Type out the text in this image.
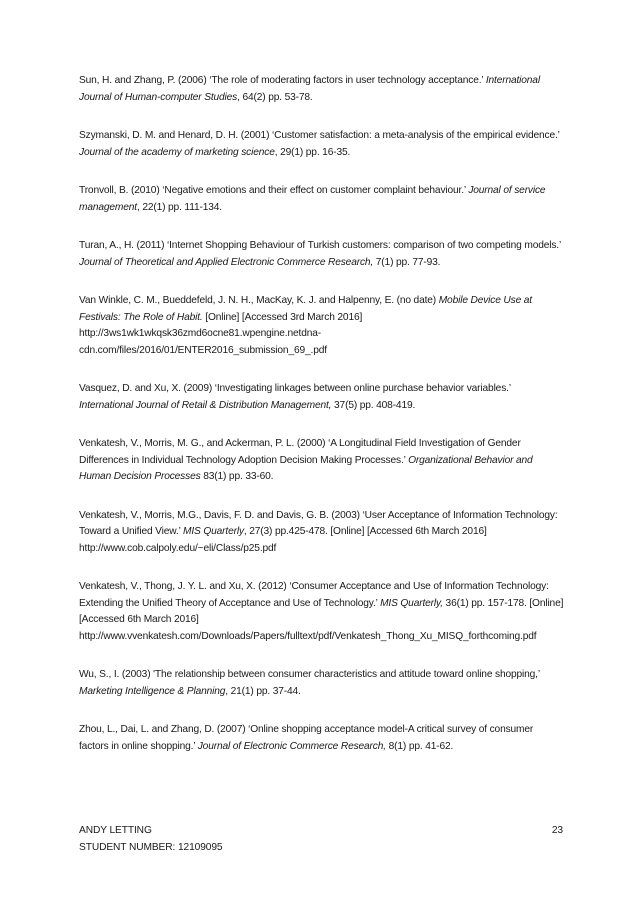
Sun, H. and Zhang, P. (2006) ‘The role of moderating factors in user technology acceptance.’ International Journal of Human-computer Studies, 64(2) pp. 53-78.

Szymanski, D. M. and Henard, D. H. (2001) ‘Customer satisfaction: a meta-analysis of the empirical evidence.’ Journal of the academy of marketing science, 29(1) pp. 16-35.

Tronvoll, B. (2010) ‘Negative emotions and their effect on customer complaint behaviour.’ Journal of service management, 22(1) pp. 111-134.

Turan, A., H. (2011) ‘Internet Shopping Behaviour of Turkish customers: comparison of two competing models.’ Journal of Theoretical and Applied Electronic Commerce Research, 7(1) pp. 77-93.

Van Winkle, C. M., Bueddefeld, J. N. H., MacKay, K. J. and Halpenny, E. (no date) Mobile Device Use at Festivals: The Role of Habit. [Online] [Accessed 3rd March 2016] http://3ws1wk1wkqsk36zmd6ocne81.wpengine.netdna-cdn.com/files/2016/01/ENTER2016_submission_69_.pdf

Vasquez, D. and Xu, X. (2009) ‘Investigating linkages between online purchase behavior variables.’ International Journal of Retail & Distribution Management, 37(5) pp. 408-419.

Venkatesh, V., Morris, M. G., and Ackerman, P. L. (2000) ‘A Longitudinal Field Investigation of Gender Differences in Individual Technology Adoption Decision Making Processes.’ Organizational Behavior and Human Decision Processes 83(1) pp. 33-60.

Venkatesh, V., Morris, M.G., Davis, F. D. and Davis, G. B. (2003) ‘User Acceptance of Information Technology: Toward a Unified View.’ MIS Quarterly, 27(3) pp.425-478. [Online] [Accessed 6th March 2016] http://www.cob.calpoly.edu/~eli/Class/p25.pdf

Venkatesh, V., Thong, J. Y. L. and Xu, X. (2012) ‘Consumer Acceptance and Use of Information Technology: Extending the Unified Theory of Acceptance and Use of Technology.’ MIS Quarterly, 36(1) pp. 157-178. [Online] [Accessed 6th March 2016] http://www.vvenkatesh.com/Downloads/Papers/fulltext/pdf/Venkatesh_Thong_Xu_MISQ_forthcoming.pdf

Wu, S., I. (2003) 'The relationship between consumer characteristics and attitude toward online shopping,’ Marketing Intelligence & Planning, 21(1) pp. 37-44.

Zhou, L., Dai, L. and Zhang, D. (2007) ‘Online shopping acceptance model-A critical survey of consumer factors in online shopping.’ Journal of Electronic Commerce Research, 8(1) pp. 41-62.

ANDY LETTING	23
STUDENT NUMBER: 12109095
